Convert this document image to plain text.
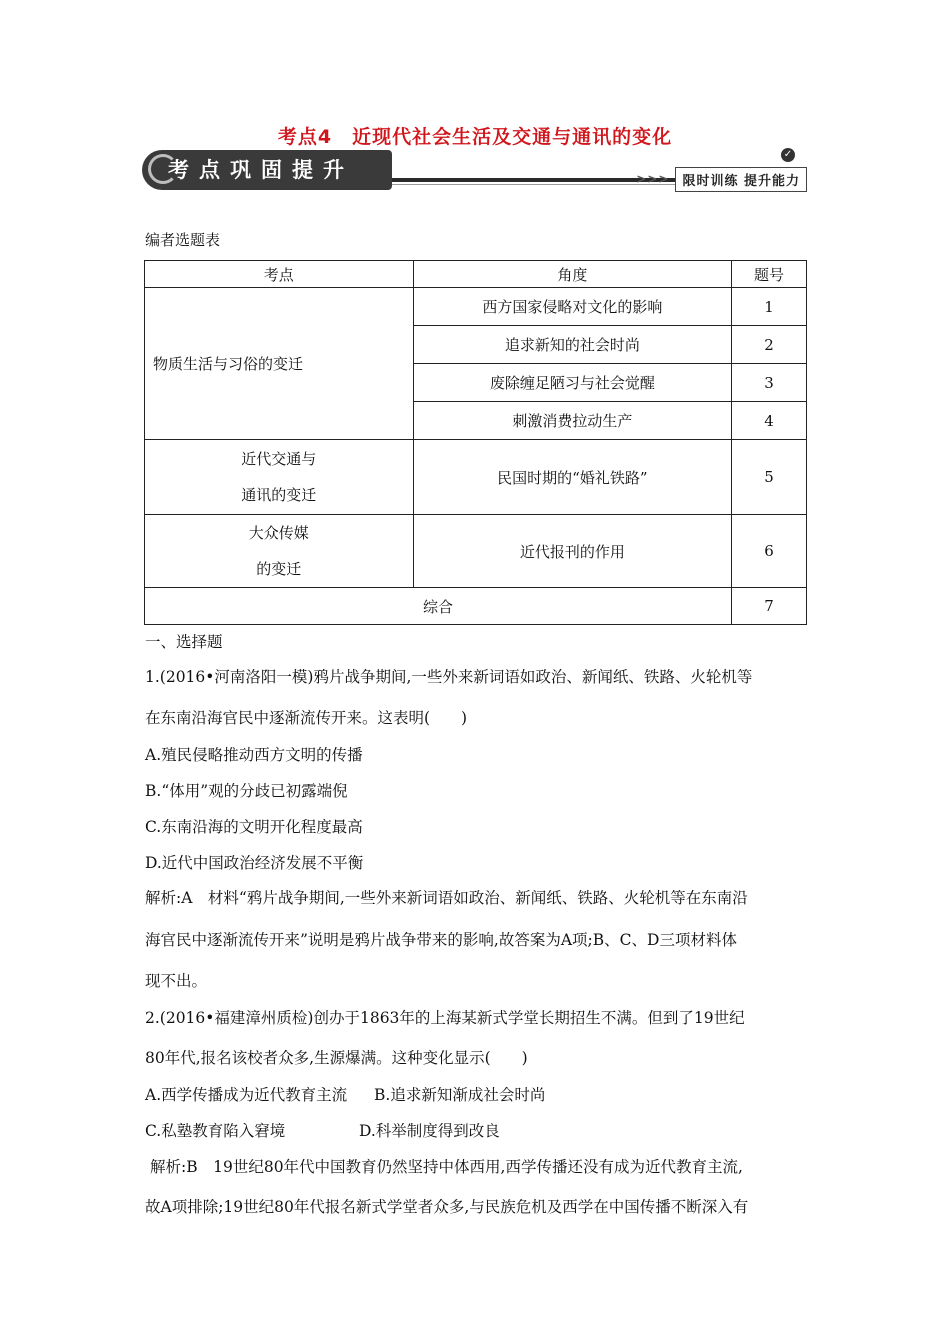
考点4　近现代社会生活及交通与通讯的变化
考点巩固提升
✓
>>>	限时训练 提升能力
编者选题表
考点	角度	题号
物质生活与习俗的变迁	西方国家侵略对文化的影响	1
	追求新知的社会时尚	2
	废除缠足陋习与社会觉醒	3
	刺激消费拉动生产	4

近代交通与
通讯的变迁	民国时期的“婚礼铁路”	5

大众传媒
的变迁	近代报刊的作用	6
综合		7
一、选择题
1.(2016•河南洛阳一模)鸦片战争期间,一些外来新词语如政治、新闻纸、铁路、火轮机等
在东南沿海官民中逐渐流传开来。这表明(　　)
A.殖民侵略推动西方文明的传播
B.“体用”观的分歧已初露端倪
C.东南沿海的文明开化程度最高
D.近代中国政治经济发展不平衡
解析:A　材料“鸦片战争期间,一些外来新词语如政治、新闻纸、铁路、火轮机等在东南沿
海官民中逐渐流传开来”说明是鸦片战争带来的影响,故答案为A项;B、C、D三项材料体
现不出。
2.(2016•福建漳州质检)创办于1863年的上海某新式学堂长期招生不满。但到了19世纪
80年代,报名该校者众多,生源爆满。这种变化显示(　　)
A.西学传播成为近代教育主流 B.追求新知渐成社会时尚
C.私塾教育陷入窘境	D.科举制度得到改良
解析:B　19世纪80年代中国教育仍然坚持中体西用,西学传播还没有成为近代教育主流,
故A项排除;19世纪80年代报名新式学堂者众多,与民族危机及西学在中国传播不断深入有
